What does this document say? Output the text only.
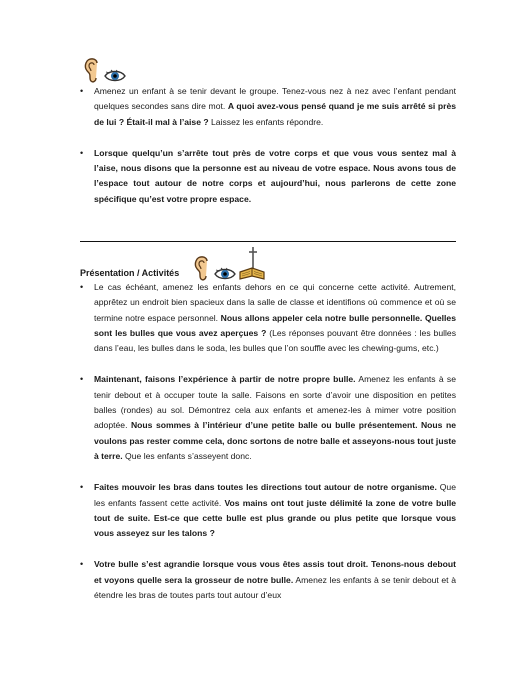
• Amenez un enfant à se tenir devant le groupe. Tenez-vous nez à nez avec l’enfant pendant quelques secondes sans dire mot. A quoi avez-vous pensé quand je me suis arrêté si près de lui ? Était-il mal à l’aise ? Laissez les enfants répondre.
• Lorsque quelqu’un s’arrête tout près de votre corps et que vous vous sentez mal à l’aise, nous disons que la personne est au niveau de votre espace. Nous avons tous de l’espace tout autour de notre corps et aujourd’hui, nous parlerons de cette zone spécifique qu’est votre propre espace.
Présentation / Activités
• Le cas échéant, amenez les enfants dehors en ce qui concerne cette activité. Autrement, apprêtez un endroit bien spacieux dans la salle de classe et identifions où commence et où se termine notre espace personnel. Nous allons appeler cela notre bulle personnelle. Quelles sont les bulles que vous avez aperçues ? (Les réponses pouvant être données : les bulles dans l’eau, les bulles dans le soda, les bulles que l’on souffle avec les chewing-gums, etc.)
• Maintenant, faisons l’expérience à partir de notre propre bulle. Amenez les enfants à se tenir debout et à occuper toute la salle. Faisons en sorte d’avoir une disposition en petites balles (rondes) au sol. Démontrez cela aux enfants et amenez-les à mimer votre position adoptée. Nous sommes à l’intérieur d’une petite balle ou bulle présentement. Nous ne voulons pas rester comme cela, donc sortons de notre balle et asseyons-nous tout juste à terre. Que les enfants s’asseyent donc.
• Faites mouvoir les bras dans toutes les directions tout autour de notre organisme. Que les enfants fassent cette activité. Vos mains ont tout juste délimité la zone de votre bulle tout de suite. Est-ce que cette bulle est plus grande ou plus petite que lorsque vous vous asseyez sur les talons ?
• Votre bulle s’est agrandie lorsque vous vous êtes assis tout droit. Tenons-nous debout et voyons quelle sera la grosseur de notre bulle. Amenez les enfants à se tenir debout et à étendre les bras de toutes parts tout autour d’eux
